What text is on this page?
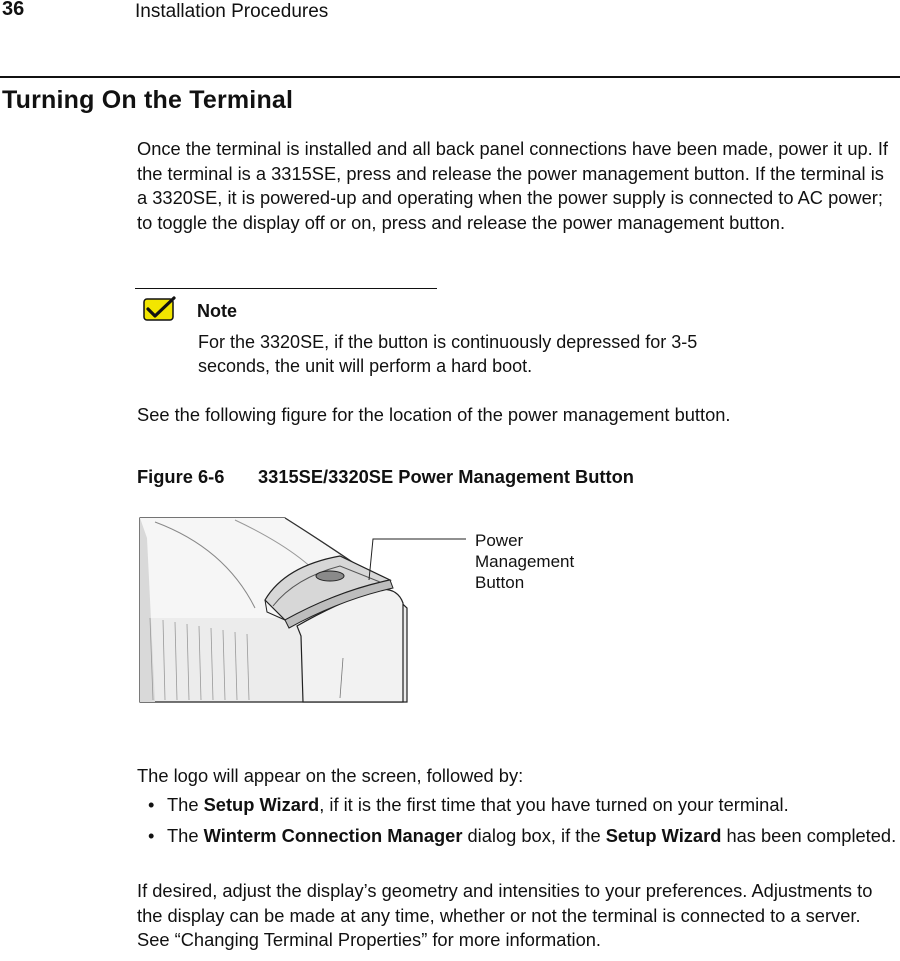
36	Installation Procedures
Turning On the Terminal
Once the terminal is installed and all back panel connections have been made, power it up. If the terminal is a 3315SE, press and release the power management button. If the terminal is a 3320SE, it is powered-up and operating when the power supply is connected to AC power; to toggle the display off or on, press and release the power management button.
Note
For the 3320SE, if the button is continuously depressed for 3-5 seconds, the unit will perform a hard boot.
See the following figure for the location of the power management button.
Figure 6-6 3315SE/3320SE Power Management Button
Power
Management
Button
The logo will appear on the screen, followed by:
• The Setup Wizard, if it is the first time that you have turned on your terminal.
• The Winterm Connection Manager dialog box, if the Setup Wizard has been completed.
If desired, adjust the display’s geometry and intensities to your preferences. Adjustments to the display can be made at any time, whether or not the terminal is connected to a server. See “Changing Terminal Properties” for more information.
